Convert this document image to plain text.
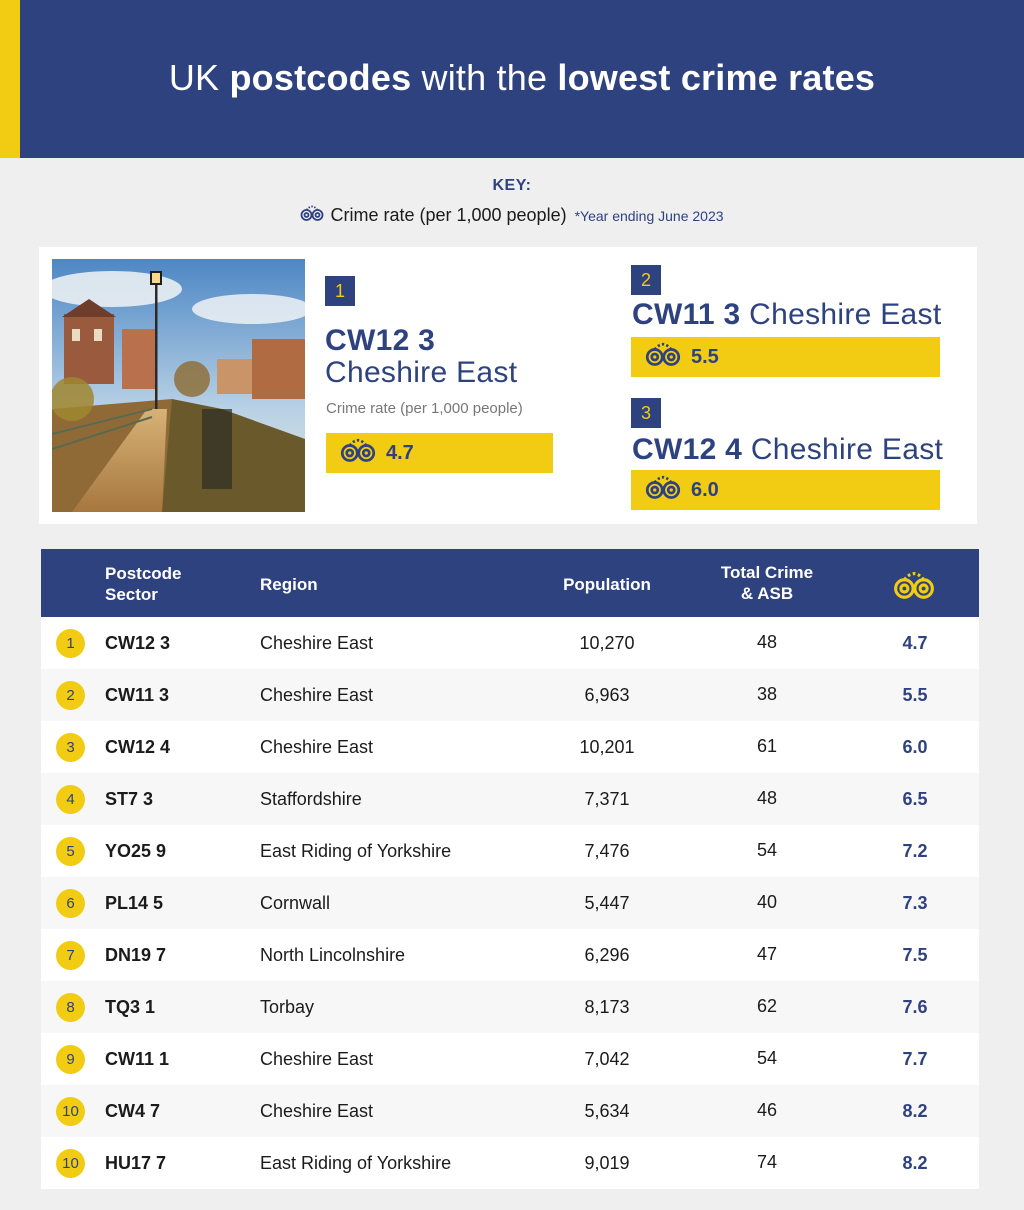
UK postcodes with the lowest crime rates
KEY:
Crime rate (per 1,000 people) *Year ending June 2023
1
CW12 3
Cheshire East
Crime rate (per 1,000 people)
4.7
2
CW11 3 Cheshire East
5.5
3
CW12 4 Cheshire East
6.0
Postcode
Sector
Region	Population
Total Crime
& ASB
1	CW12 3	Cheshire East	10,270	48	4.7
2	CW11 3	Cheshire East	6,963	38	5.5
3	CW12 4	Cheshire East	10,201	61	6.0
4	ST7 3	Staffordshire	7,371	48	6.5
5	YO25 9	East Riding of Yorkshire	7,476	54	7.2
6	PL14 5	Cornwall	5,447	40	7.3
7	DN19 7	North Lincolnshire	6,296	47	7.5
8	TQ3 1	Torbay	8,173	62	7.6
9	CW11 1	Cheshire East	7,042	54	7.7
10	CW4 7	Cheshire East	5,634	46	8.2
10	HU17 7	East Riding of Yorkshire	9,019	74	8.2
